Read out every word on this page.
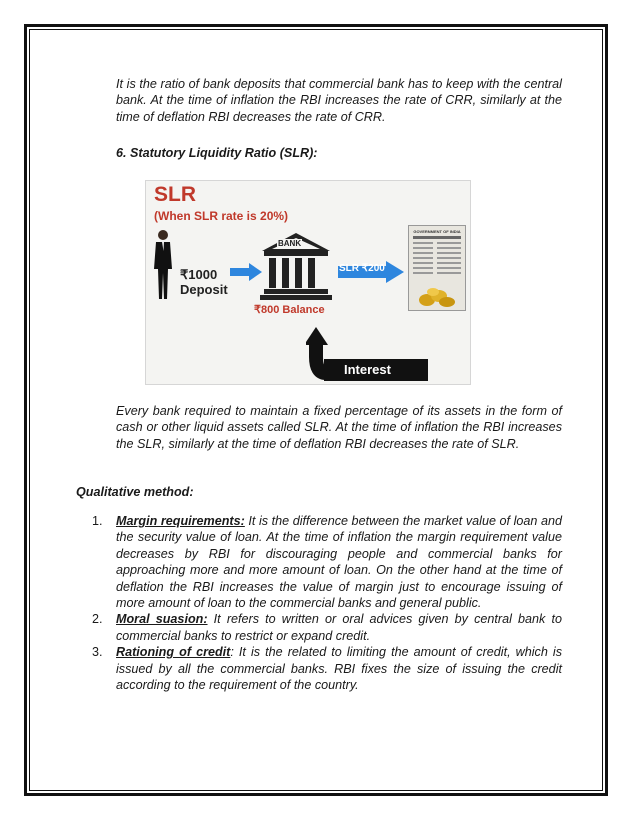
It is the ratio of bank deposits that commercial bank has to keep with the central bank. At the time of inflation the RBI increases the rate of CRR, similarly at the time of deflation RBI decreases the rate of CRR.

6. Statutory Liquidity Ratio (SLR):

SLR
(When SLR rate is 20%)
₹1000
Deposit
BANK
₹800 Balance
SLR ₹200
GOVERNMENT OF INDIA
Interest

Every bank required to maintain a fixed percentage of its assets in the form of cash or other liquid assets called SLR. At the time of inflation the RBI increases the SLR, similarly at the time of deflation RBI decreases the rate of SLR.

Qualitative method:

1. Margin requirements: It is the difference between the market value of loan and the security value of loan. At the time of inflation the margin requirement value decreases by RBI for discouraging people and commercial banks for approaching more and more amount of loan. On the other hand at the time of deflation the RBI increases the value of margin just to encourage issuing of more amount of loan to the commercial banks and general public.
2. Moral suasion: It refers to written or oral advices given by central bank to commercial banks to restrict or expand credit.
3. Rationing of credit: It is the related to limiting the amount of credit, which is issued by all the commercial banks. RBI fixes the size of issuing the credit according to the requirement of the country.
